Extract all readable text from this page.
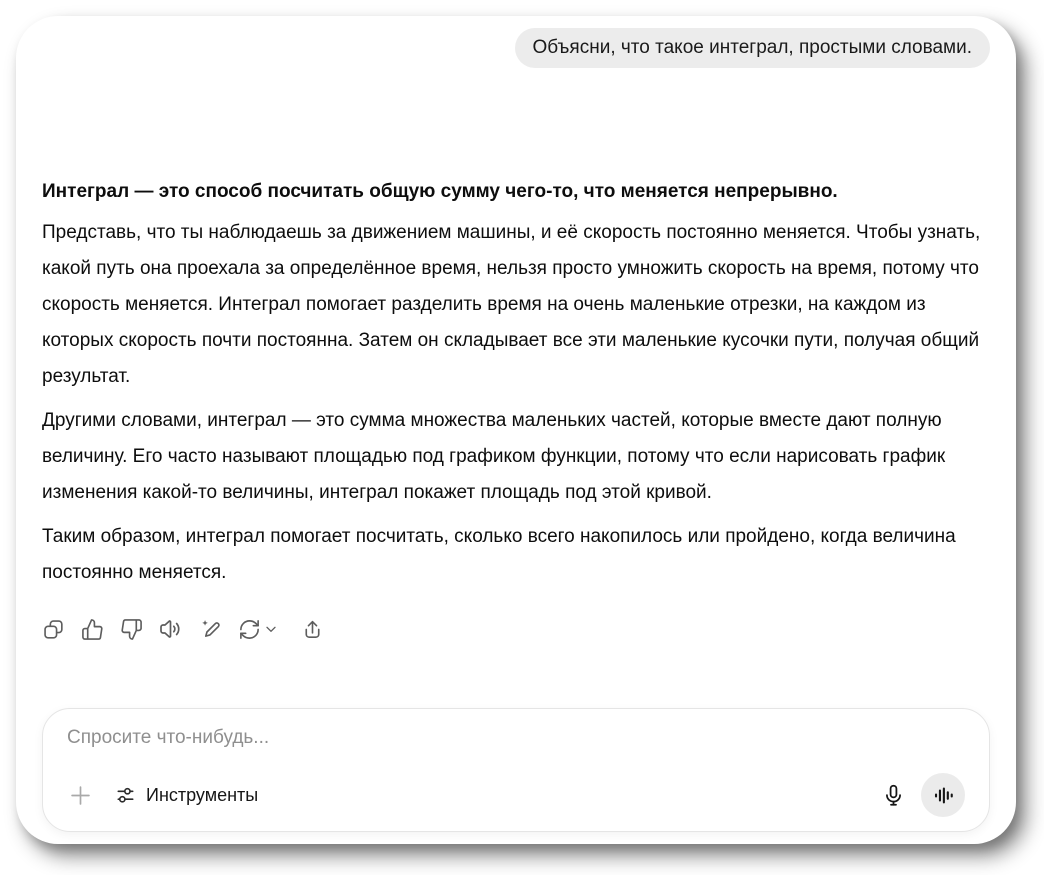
Объясни, что такое интеграл, простыми словами.

Интеграл — это способ посчитать общую сумму чего-то, что меняется непрерывно.

Представь, что ты наблюдаешь за движением машины, и её скорость постоянно меняется. Чтобы узнать, какой путь она проехала за определённое время, нельзя просто умножить скорость на время, потому что скорость меняется. Интеграл помогает разделить время на очень маленькие отрезки, на каждом из которых скорость почти постоянна. Затем он складывает все эти маленькие кусочки пути, получая общий результат.

Другими словами, интеграл — это сумма множества маленьких частей, которые вместе дают полную величину. Его часто называют площадью под графиком функции, потому что если нарисовать график изменения какой-то величины, интеграл покажет площадь под этой кривой.

Таким образом, интеграл помогает посчитать, сколько всего накопилось или пройдено, когда величина постоянно меняется.

Спросите что-нибудь...
Инструменты
